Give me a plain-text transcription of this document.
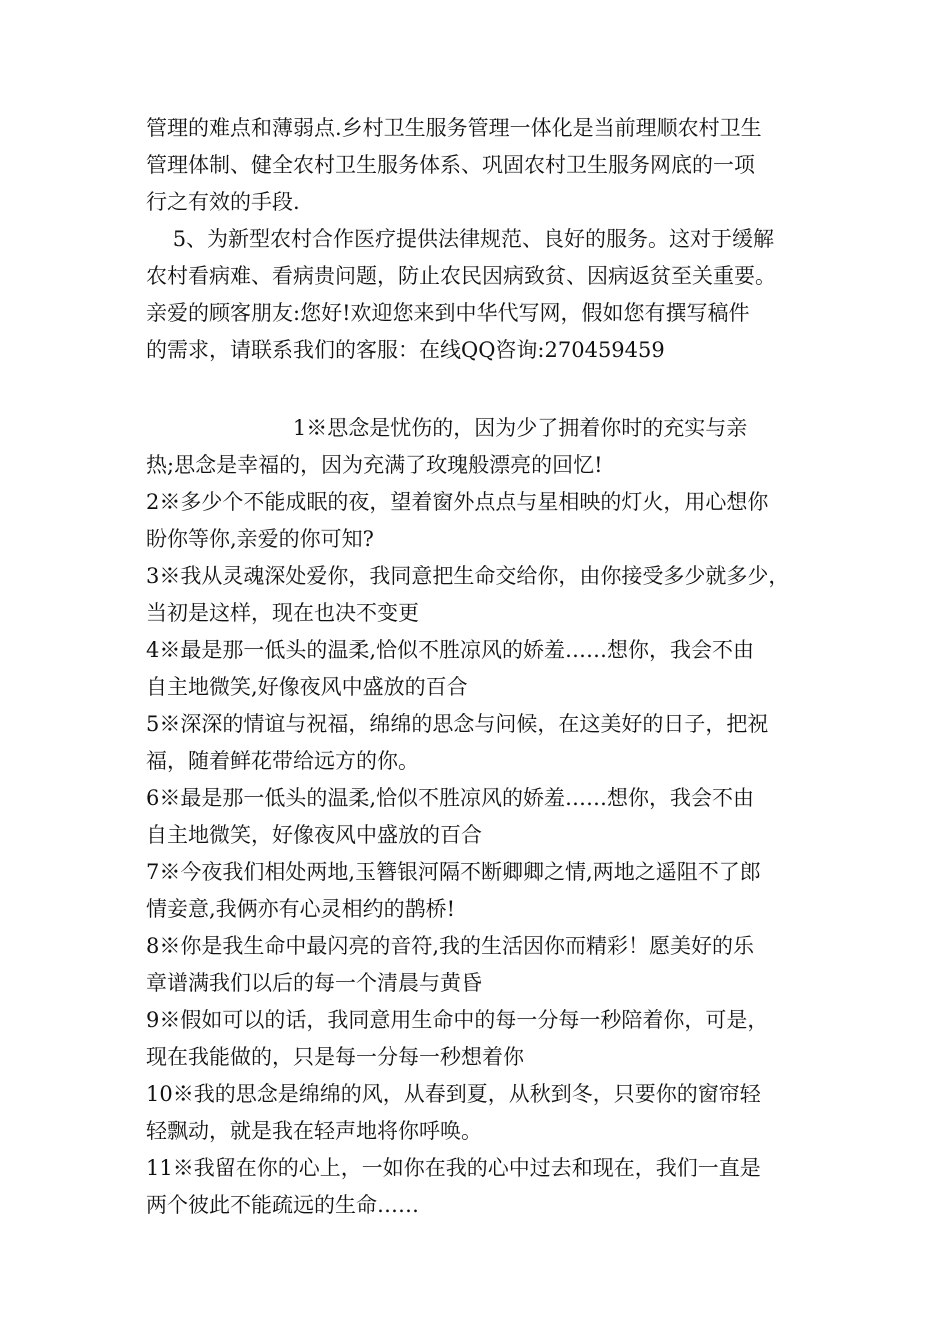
管理的难点和薄弱点.乡村卫生服务管理一体化是当前理顺农村卫生
管理体制、健全农村卫生服务体系、巩固农村卫生服务网底的一项
行之有效的手段.
5、为新型农村合作医疗提供法律规范、良好的服务。这对于缓解
农村看病难、看病贵问题，防止农民因病致贫、因病返贫至关重要。
亲爱的顾客朋友:您好!欢迎您来到中华代写网，假如您有撰写稿件
的需求，请联系我们的客服：在线QQ咨询:270459459
1※思念是忧伤的，因为少了拥着你时的充实与亲
热;思念是幸福的，因为充满了玫瑰般漂亮的回忆!
2※多少个不能成眠的夜，望着窗外点点与星相映的灯火，用心想你
盼你等你,亲爱的你可知?
3※我从灵魂深处爱你，我同意把生命交给你，由你接受多少就多少，
当初是这样，现在也决不变更
4※最是那一低头的温柔,恰似不胜凉风的娇羞……想你，我会不由
自主地微笑,好像夜风中盛放的百合
5※深深的情谊与祝福，绵绵的思念与问候，在这美好的日子，把祝
福，随着鲜花带给远方的你。
6※最是那一低头的温柔,恰似不胜凉风的娇羞……想你，我会不由
自主地微笑，好像夜风中盛放的百合
7※今夜我们相处两地,玉簪银河隔不断卿卿之情,两地之遥阻不了郎
情妾意,我俩亦有心灵相约的鹊桥!
8※你是我生命中最闪亮的音符,我的生活因你而精彩！愿美好的乐
章谱满我们以后的每一个清晨与黄昏
9※假如可以的话，我同意用生命中的每一分每一秒陪着你，可是，
现在我能做的，只是每一分每一秒想着你
10※我的思念是绵绵的风，从春到夏，从秋到冬，只要你的窗帘轻
轻飘动，就是我在轻声地将你呼唤。
11※我留在你的心上，一如你在我的心中过去和现在，我们一直是
两个彼此不能疏远的生命……
